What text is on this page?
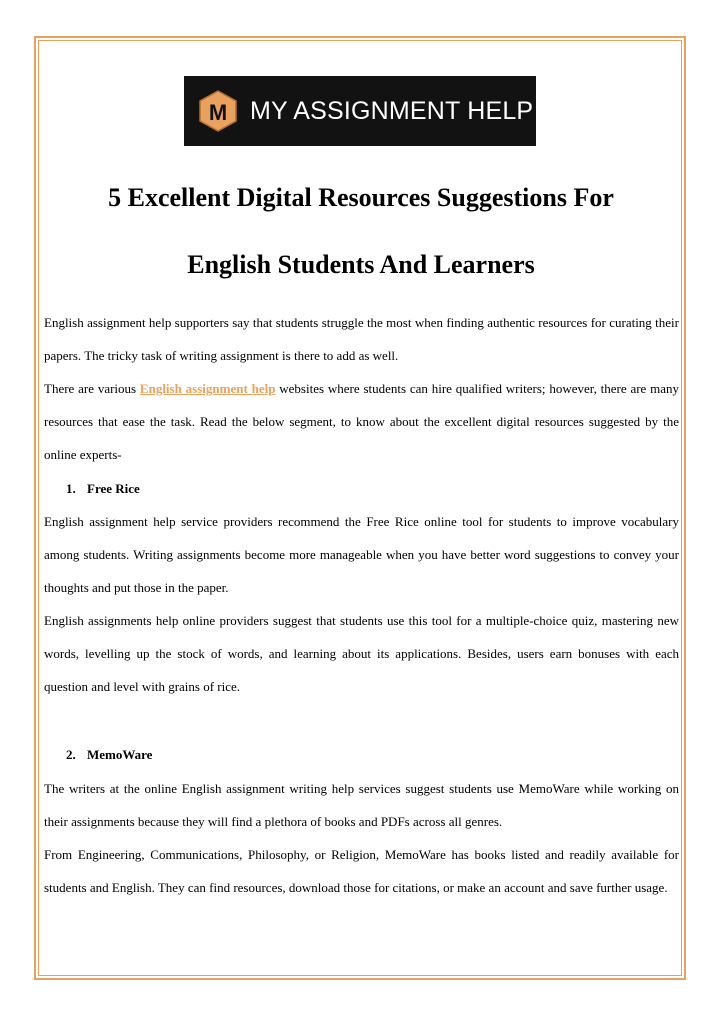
M MY ASSIGNMENT HELP
5 Excellent Digital Resources Suggestions For
English Students And Learners

English assignment help supporters say that students struggle the most when finding authentic resources for curating their papers. The tricky task of writing assignment is there to add as well.

There are various English assignment help websites where students can hire qualified writers; however, there are many resources that ease the task. Read the below segment, to know about the excellent digital resources suggested by the online experts-

1. Free Rice

English assignment help service providers recommend the Free Rice online tool for students to improve vocabulary among students. Writing assignments become more manageable when you have better word suggestions to convey your thoughts and put those in the paper.

English assignments help online providers suggest that students use this tool for a multiple-choice quiz, mastering new words, levelling up the stock of words, and learning about its applications. Besides, users earn bonuses with each question and level with grains of rice.

2. MemoWare

The writers at the online English assignment writing help services suggest students use MemoWare while working on their assignments because they will find a plethora of books and PDFs across all genres.

From Engineering, Communications, Philosophy, or Religion, MemoWare has books listed and readily available for students and English. They can find resources, download those for citations, or make an account and save further usage.
